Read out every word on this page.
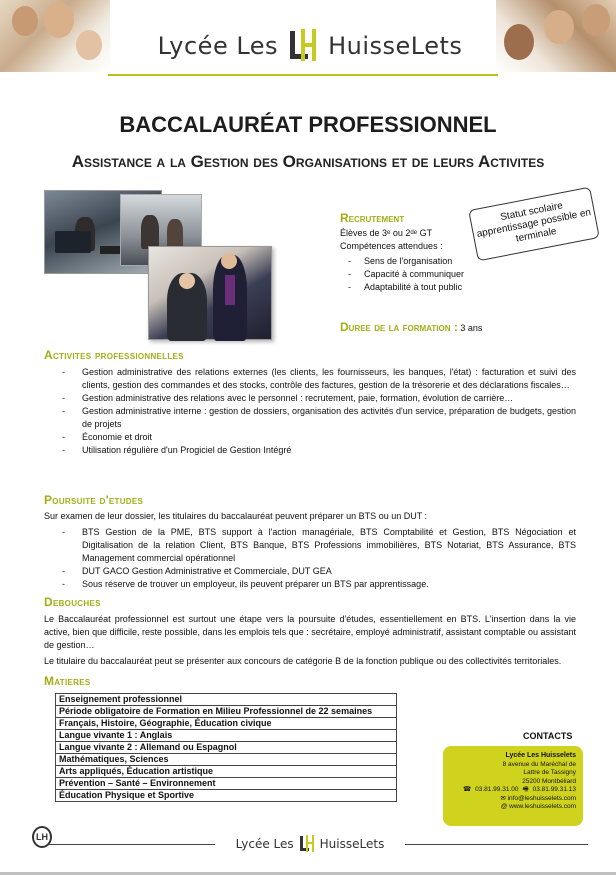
Lycée Les HuisseLets
BACCALAURÉAT PROFESSIONNEL
Assistance a la Gestion des Organisations et de leurs Activites
Recrutement
Élèves de 3ᵉ ou 2ᵈᵉ GT
Compétences attendues :
- Sens de l'organisation
- Capacité à communiquer
- Adaptabilité à tout public
Statut scolaire apprentissage possible en terminale
Duree de la formation : 3 ans
Activites professionnelles
- Gestion administrative des relations externes (les clients, les fournisseurs, les banques, l'état) : facturation et suivi des clients, gestion des commandes et des stocks, contrôle des factures, gestion de la trésorerie et des déclarations fiscales…
- Gestion administrative des relations avec le personnel : recrutement, paie, formation, évolution de carrière…
- Gestion administrative interne : gestion de dossiers, organisation des activités d'un service, préparation de budgets, gestion de projets
- Économie et droit
- Utilisation régulière d'un Progiciel de Gestion Intégré
Poursuite d'etudes

Sur examen de leur dossier, les titulaires du baccalauréat peuvent préparer un BTS ou un DUT :

- BTS Gestion de la PME, BTS support à l'action managériale, BTS Comptabilité et Gestion, BTS Négociation et Digitalisation de la relation Client, BTS Banque, BTS Professions immobilières, BTS Notariat, BTS Assurance, BTS Management commercial opérationnel
- DUT GACO Gestion Administrative et Commerciale, DUT GEA
- Sous réserve de trouver un employeur, ils peuvent préparer un BTS par apprentissage.
Debouches

Le Baccalauréat professionnel est surtout une étape vers la poursuite d'études, essentiellement en BTS. L'insertion dans la vie active, bien que difficile, reste possible, dans les emplois tels que : secrétaire, employé administratif, assistant comptable ou assistant de gestion…

Le titulaire du baccalauréat peut se présenter aux concours de catégorie B de la fonction publique ou des collectivités territoriales.

Matieres
Enseignement professionnel
Période obligatoire de Formation en Milieu Professionnel de 22 semaines
Français, Histoire, Géographie, Éducation civique
Langue vivante 1 : Anglais
Langue vivante 2 : Allemand ou Espagnol
Mathématiques, Sciences
Arts appliqués, Éducation artistique
Prévention – Santé – Environnement
Éducation Physique et Sportive
CONTACTS
Lycée Les Huisselets
8 avenue du Maréchal de
Lattre de Tassigny
25200 Montbéliard
☎ 03.81.99.31.00 🖷 03.81.99.31.13
✉ info@leshuisselets.com
@ www.leshuisselets.com
LH	Lycée Les HuisseLets
